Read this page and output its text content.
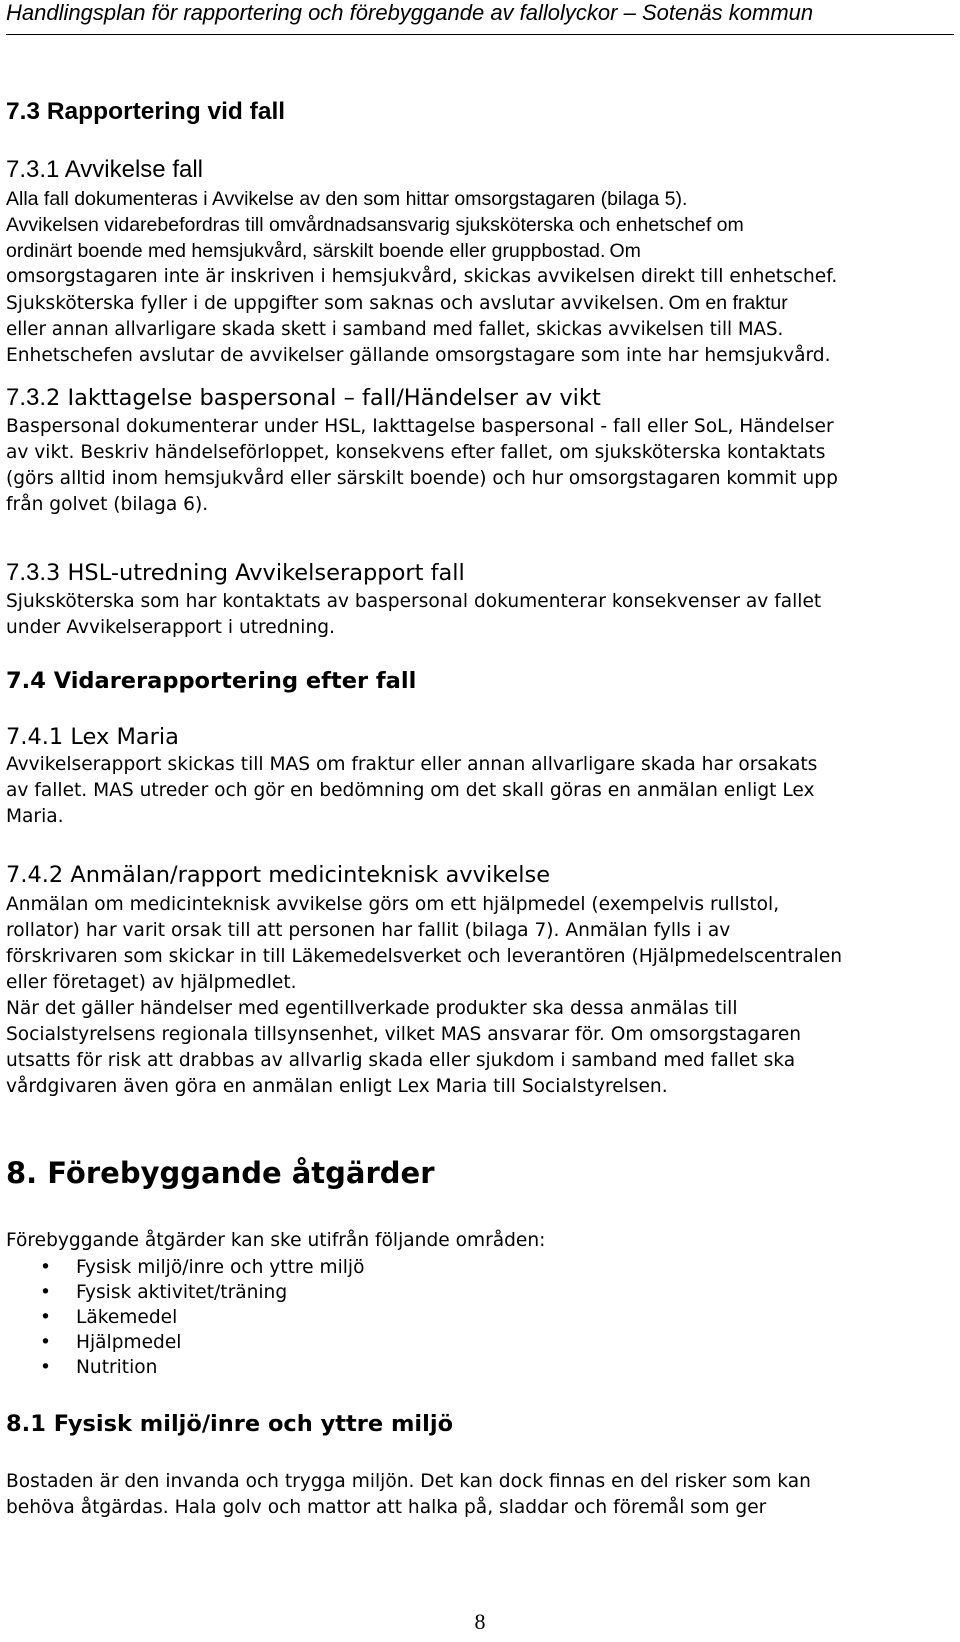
Handlingsplan för rapportering och förebyggande av fallolyckor – Sotenäs kommun
7.3 Rapportering vid fall
7.3.1 Avvikelse fall
Alla fall dokumenteras i Avvikelse av den som hittar omsorgstagaren (bilaga 5).
Avvikelsen vidarebefordras till omvårdnadsansvarig sjuksköterska och enhetschef om
ordinärt boende med hemsjukvård, särskilt boende eller gruppbostad. Om
omsorgstagaren inte är inskriven i hemsjukvård, skickas avvikelsen direkt till enhetschef.
Sjuksköterska fyller i de uppgifter som saknas och avslutar avvikelsen. Om en fraktur
eller annan allvarligare skada skett i samband med fallet, skickas avvikelsen till MAS.
Enhetschefen avslutar de avvikelser gällande omsorgstagare som inte har hemsjukvård.
7.3.2 Iakttagelse baspersonal – fall/Händelser av vikt
Baspersonal dokumenterar under HSL, Iakttagelse baspersonal - fall eller SoL, Händelser
av vikt. Beskriv händelseförloppet, konsekvens efter fallet, om sjuksköterska kontaktats
(görs alltid inom hemsjukvård eller särskilt boende) och hur omsorgstagaren kommit upp
från golvet (bilaga 6).
7.3.3 HSL-utredning Avvikelserapport fall
Sjuksköterska som har kontaktats av baspersonal dokumenterar konsekvenser av fallet
under Avvikelserapport i utredning.
7.4 Vidarerapportering efter fall
7.4.1 Lex Maria
Avvikelserapport skickas till MAS om fraktur eller annan allvarligare skada har orsakats
av fallet. MAS utreder och gör en bedömning om det skall göras en anmälan enligt Lex
Maria.
7.4.2 Anmälan/rapport medicinteknisk avvikelse
Anmälan om medicinteknisk avvikelse görs om ett hjälpmedel (exempelvis rullstol,
rollator) har varit orsak till att personen har fallit (bilaga 7). Anmälan fylls i av
förskrivaren som skickar in till Läkemedelsverket och leverantören (Hjälpmedelscentralen
eller företaget) av hjälpmedlet.
När det gäller händelser med egentillverkade produkter ska dessa anmälas till
Socialstyrelsens regionala tillsynsenhet, vilket MAS ansvarar för. Om omsorgstagaren
utsatts för risk att drabbas av allvarlig skada eller sjukdom i samband med fallet ska
vårdgivaren även göra en anmälan enligt Lex Maria till Socialstyrelsen.
8. Förebyggande åtgärder
Förebyggande åtgärder kan ske utifrån följande områden:
• Fysisk miljö/inre och yttre miljö
• Fysisk aktivitet/träning
• Läkemedel
• Hjälpmedel
• Nutrition
8.1 Fysisk miljö/inre och yttre miljö
Bostaden är den invanda och trygga miljön. Det kan dock finnas en del risker som kan
behöva åtgärdas. Hala golv och mattor att halka på, sladdar och föremål som ger
8
